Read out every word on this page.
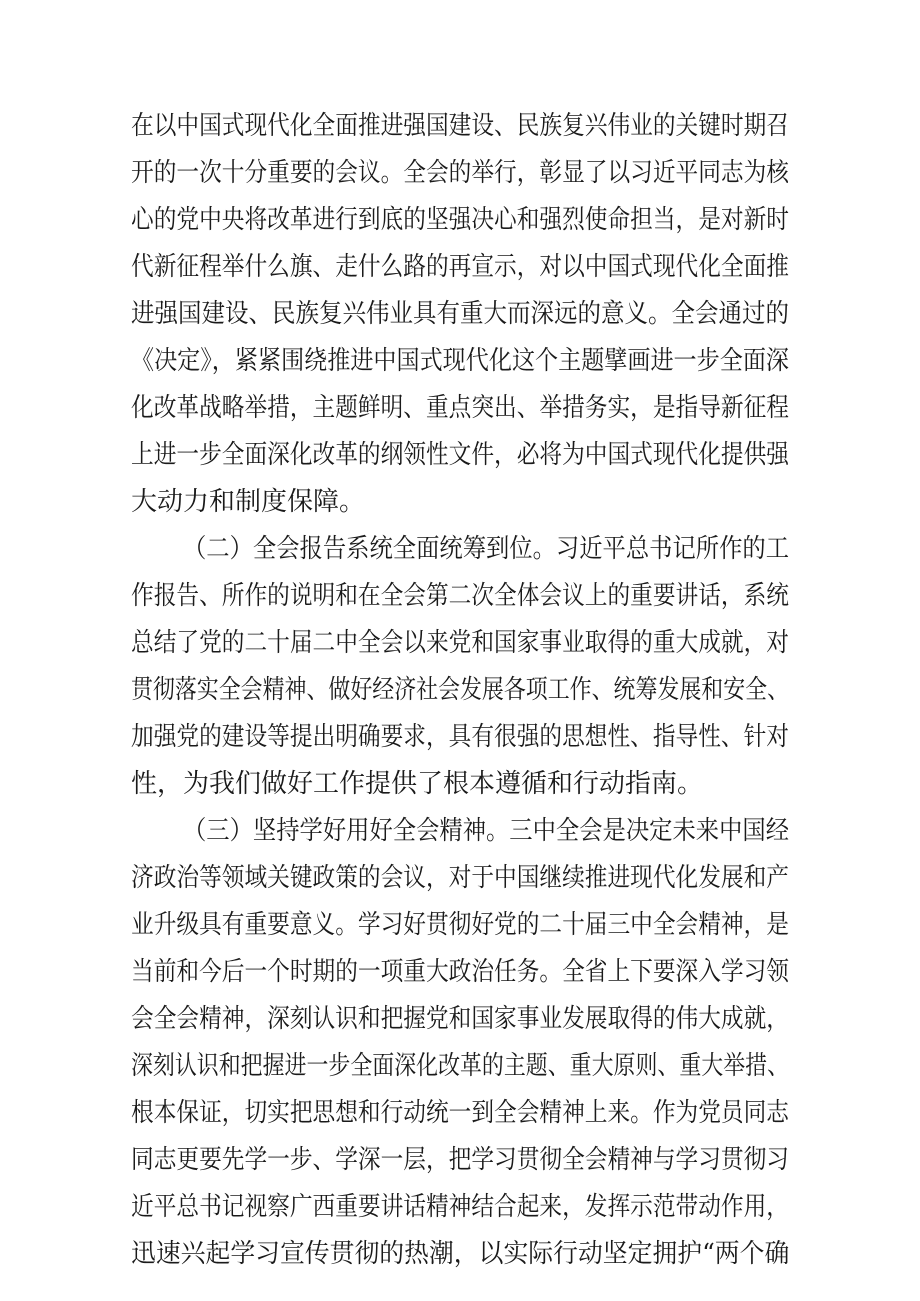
在以中国式现代化全面推进强国建设、民族复兴伟业的关键时期召
开的一次十分重要的会议。全会的举行，彰显了以习近平同志为核
心的党中央将改革进行到底的坚强决心和强烈使命担当，是对新时
代新征程举什么旗、走什么路的再宣示，对以中国式现代化全面推
进强国建设、民族复兴伟业具有重大而深远的意义。全会通过的
《决定》，紧紧围绕推进中国式现代化这个主题擘画进一步全面深
化改革战略举措，主题鲜明、重点突出、举措务实，是指导新征程
上进一步全面深化改革的纲领性文件，必将为中国式现代化提供强
大动力和制度保障。
（二）全会报告系统全面统筹到位。习近平总书记所作的工
作报告、所作的说明和在全会第二次全体会议上的重要讲话，系统
总结了党的二十届二中全会以来党和国家事业取得的重大成就，对
贯彻落实全会精神、做好经济社会发展各项工作、统筹发展和安全、
加强党的建设等提出明确要求，具有很强的思想性、指导性、针对
性，为我们做好工作提供了根本遵循和行动指南。
（三）坚持学好用好全会精神。三中全会是决定未来中国经
济政治等领域关键政策的会议，对于中国继续推进现代化发展和产
业升级具有重要意义。学习好贯彻好党的二十届三中全会精神，是
当前和今后一个时期的一项重大政治任务。全省上下要深入学习领
会全会精神，深刻认识和把握党和国家事业发展取得的伟大成就，
深刻认识和把握进一步全面深化改革的主题、重大原则、重大举措、
根本保证，切实把思想和行动统一到全会精神上来。作为党员同志
同志更要先学一步、学深一层，把学习贯彻全会精神与学习贯彻习
近平总书记视察广西重要讲话精神结合起来，发挥示范带动作用，
迅速兴起学习宣传贯彻的热潮，以实际行动坚定拥护“两个确
